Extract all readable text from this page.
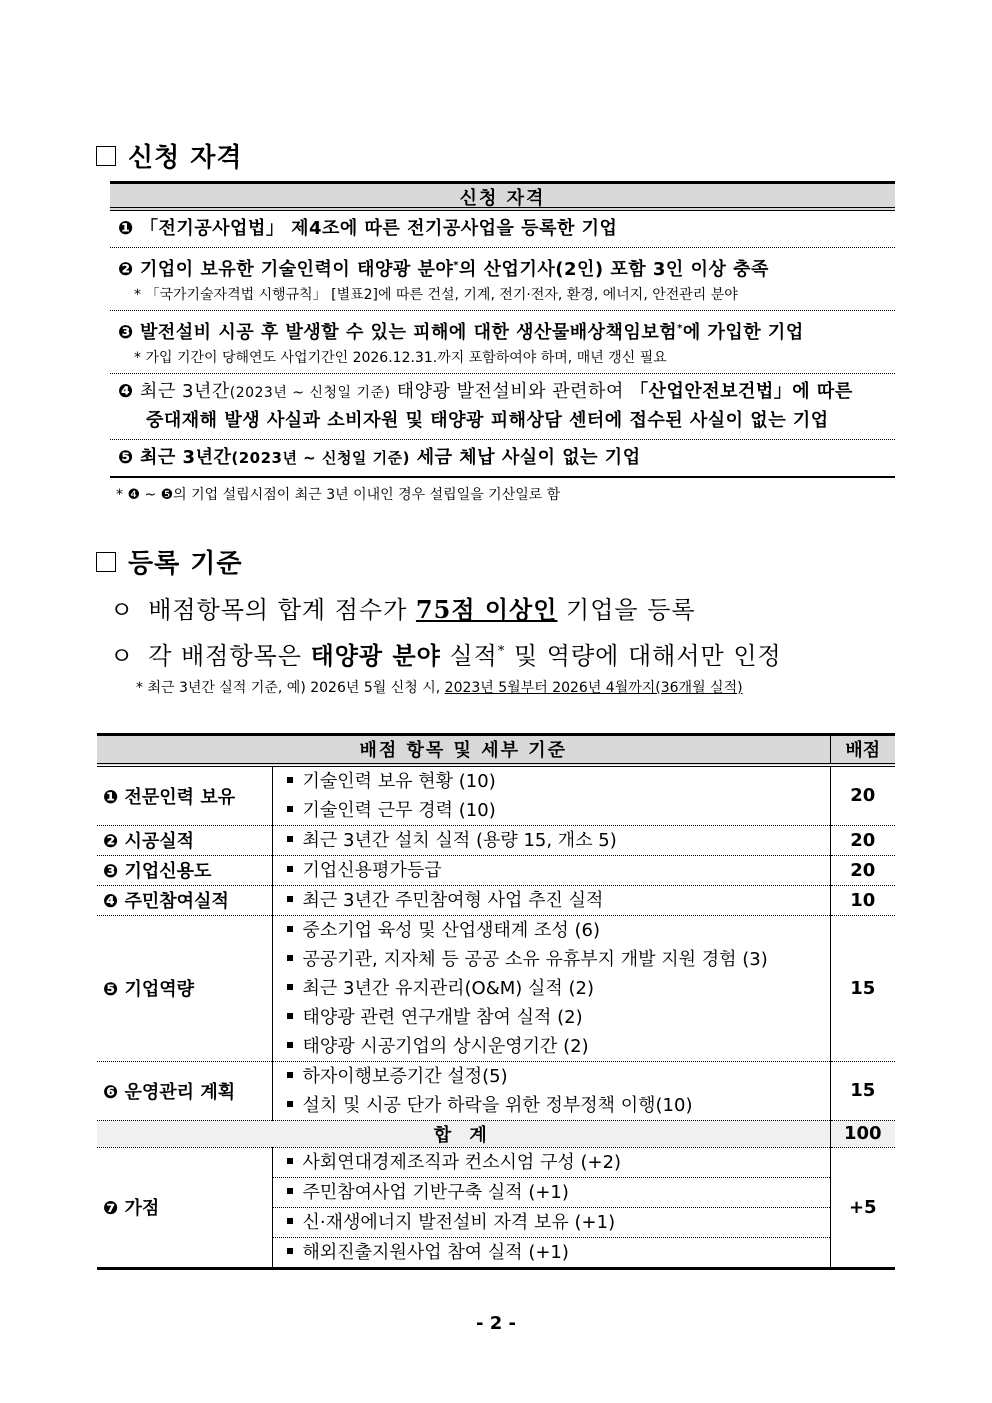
신청 자격
신청 자격
❶ 「전기공사업법」 제4조에 따른 전기공사업을 등록한 기업
❷ 기업이 보유한 기술인력이 태양광 분야*의 산업기사(2인) 포함 3인 이상 충족
* 「국가기술자격법 시행규칙」 [별표2]에 따른 건설, 기계, 전기·전자, 환경, 에너지, 안전관리 분야
❸ 발전설비 시공 후 발생할 수 있는 피해에 대한 생산물배상책임보험*에 가입한 기업
* 가입 기간이 당해연도 사업기간인 2026.12.31.까지 포함하여야 하며, 매년 갱신 필요
❹ 최근 3년간(2023년 ~ 신청일 기준) 태양광 발전설비와 관련하여 「산업안전보건법」에 따른
중대재해 발생 사실과 소비자원 및 태양광 피해상담 센터에 접수된 사실이 없는 기업
❺ 최근 3년간(2023년 ~ 신청일 기준) 세금 체납 사실이 없는 기업
* ❹ ~ ❺의 기업 설립시점이 최근 3년 이내인 경우 설립일을 기산일로 함
등록 기준
ㅇ 배점항목의 합계 점수가 75점 이상인 기업을 등록
ㅇ 각 배점항목은 태양광 분야 실적* 및 역량에 대해서만 인정
* 최근 3년간 실적 기준, 예) 2026년 5월 신청 시, 2023년 5월부터 2026년 4월까지(36개월 실적)
배점 항목 및 세부 기준		배점
❶ 전문인력 보유	기술인력 보유 현황 (10)
기술인력 근무 경력 (10)	20
❷ 시공실적	최근 3년간 설치 실적 (용량 15, 개소 5)	20
❸ 기업신용도	기업신용평가등급	20
❹ 주민참여실적	최근 3년간 주민참여형 사업 추진 실적	10
❺ 기업역량	중소기업 육성 및 산업생태계 조성 (6)
공공기관, 지자체 등 공공 소유 유휴부지 개발 지원 경험 (3)
최근 3년간 유지관리(O&M) 실적 (2)
태양광 관련 연구개발 참여 실적 (2)
태양광 시공기업의 상시운영기간 (2)	15
❻ 운영관리 계획	하자이행보증기간 설정(5)
설치 및 시공 단가 하락을 위한 정부정책 이행(10)	15
합 계		100
❼ 가점	사회연대경제조직과 컨소시엄 구성 (+2)
주민참여사업 기반구축 실적 (+1)
신·재생에너지 발전설비 자격 보유 (+1)
해외진출지원사업 참여 실적 (+1)	+5
- 2 -
